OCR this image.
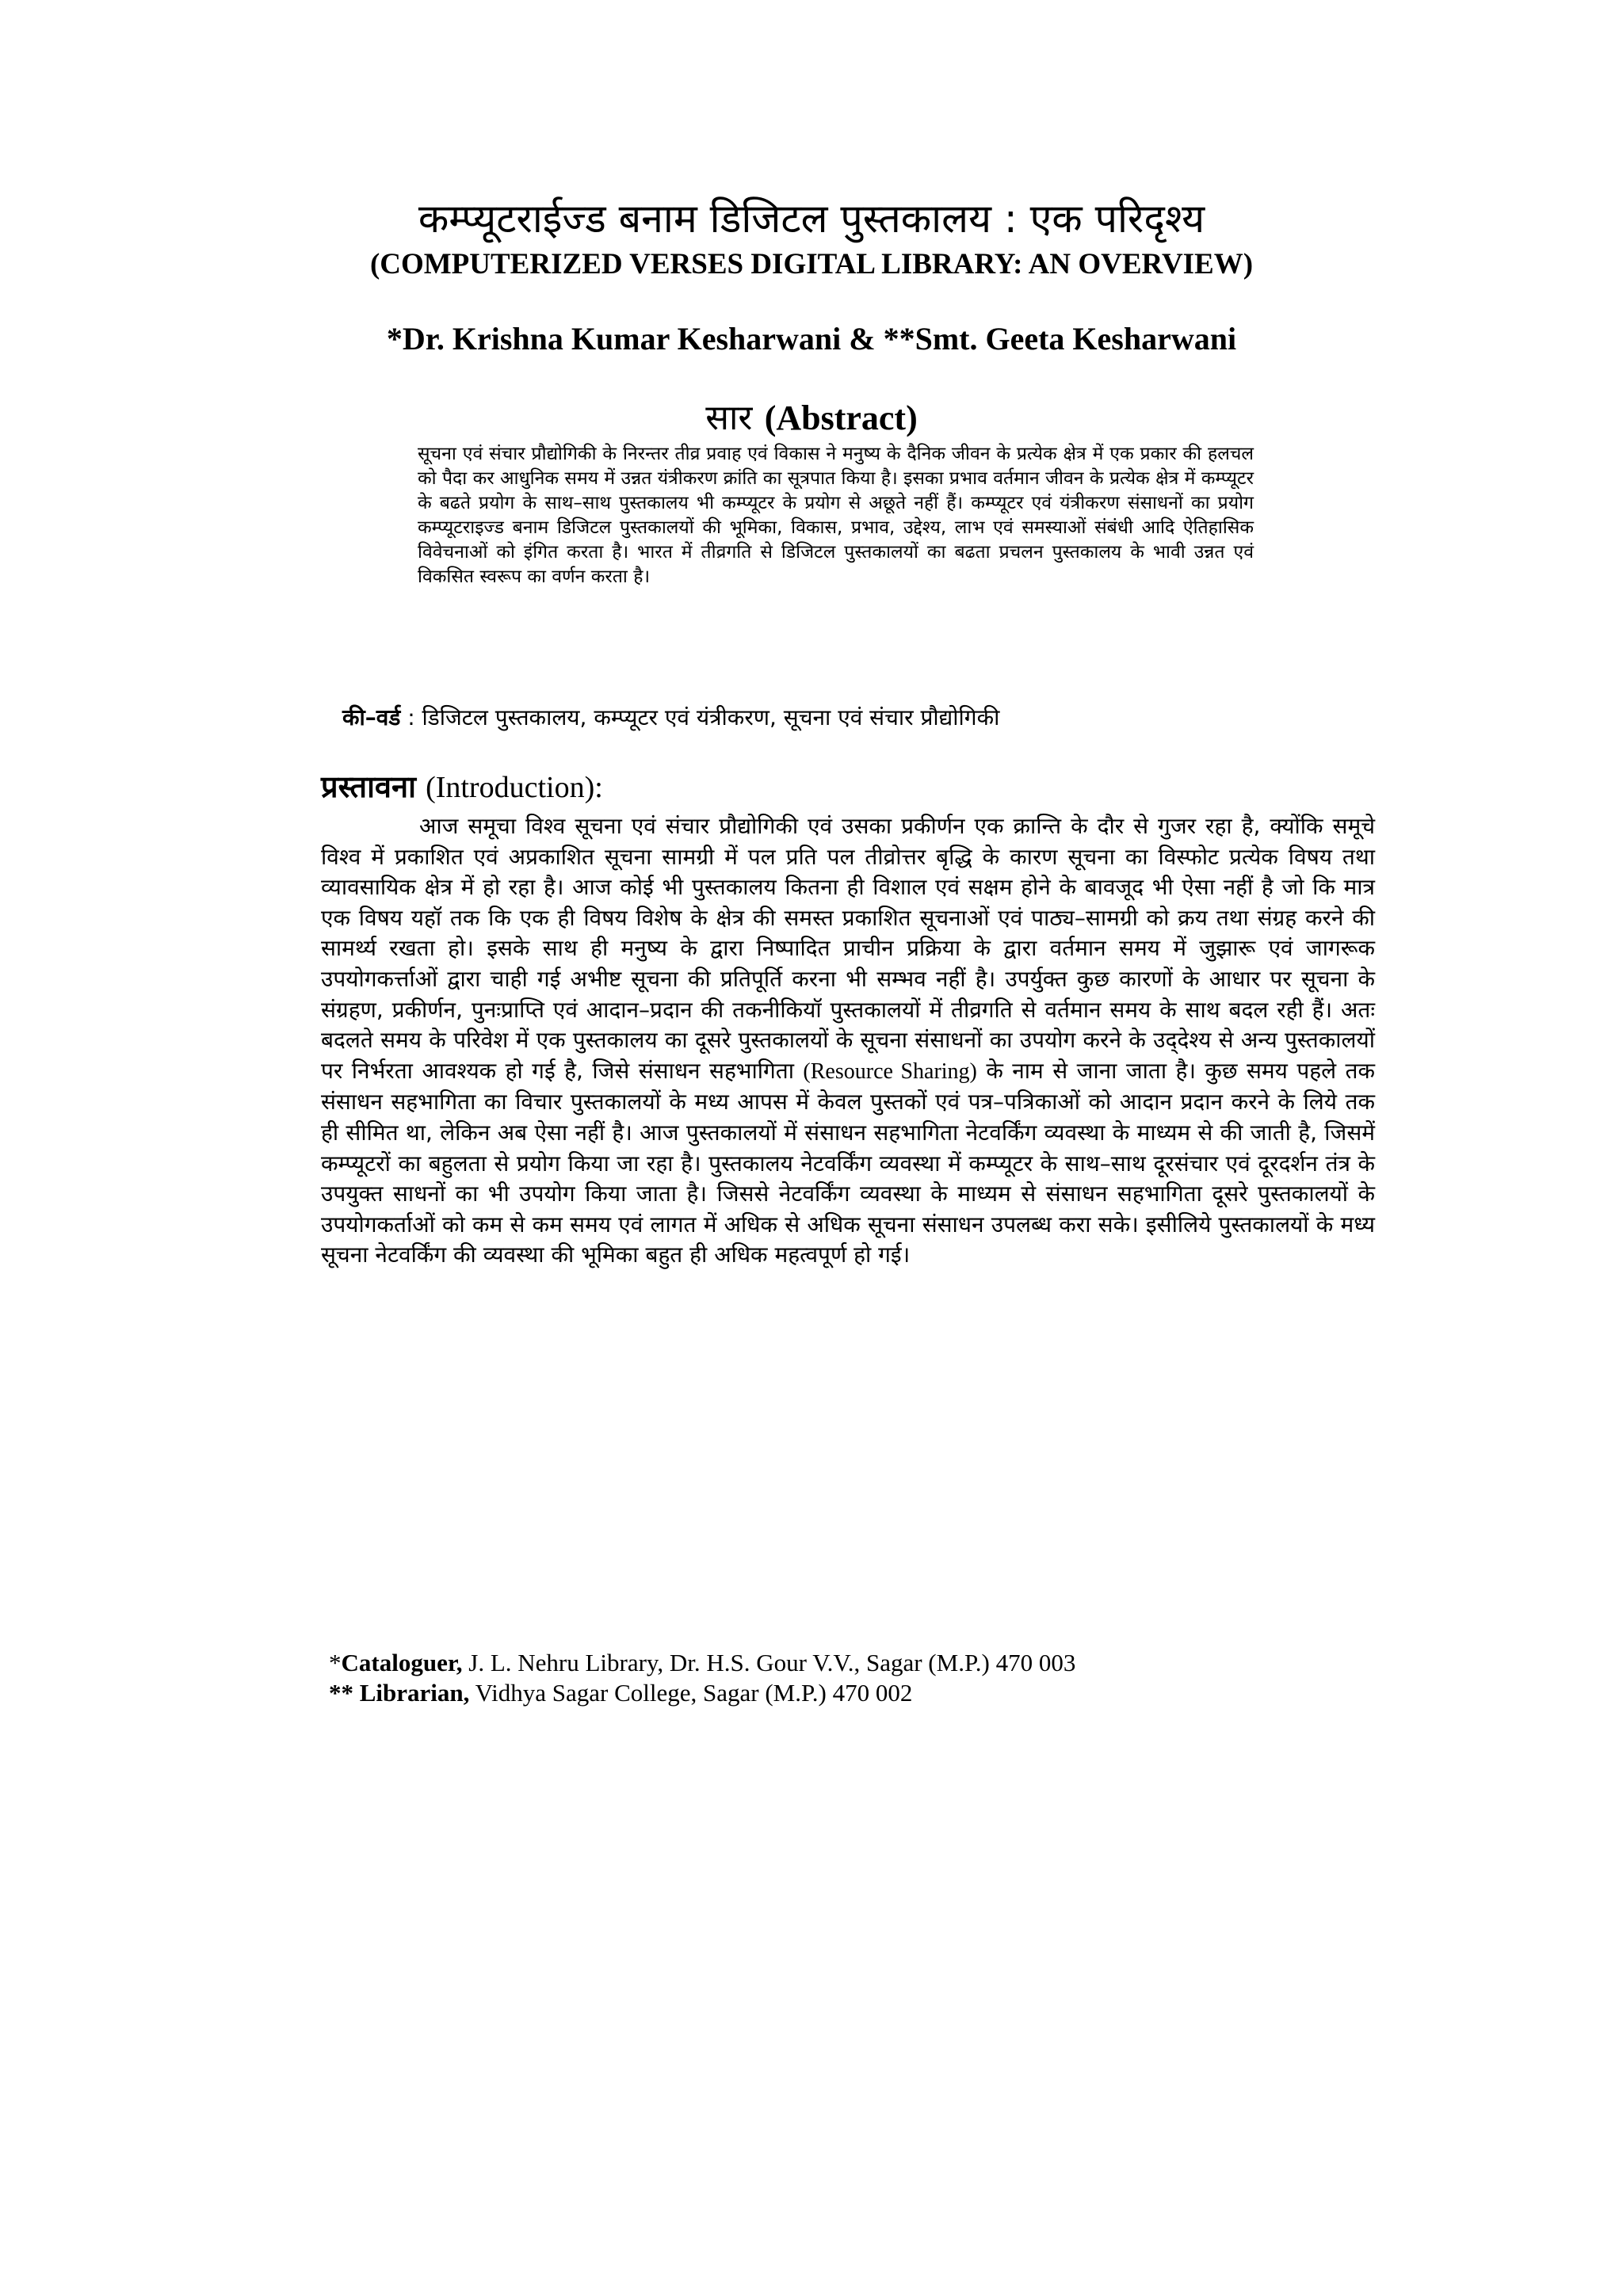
कम्प्यूटराईज्ड बनाम डिजिटल पुस्तकालय : एक परिदृश्य
(COMPUTERIZED VERSES DIGITAL LIBRARY: AN OVERVIEW)
*Dr. Krishna Kumar Kesharwani & **Smt. Geeta Kesharwani
सार (Abstract)

सूचना एवं संचार प्रौद्योगिकी के निरन्तर तीव्र प्रवाह एवं विकास ने मनुष्य के दैनिक जीवन के प्रत्येक क्षेत्र में एक प्रकार की हलचल को पैदा कर आधुनिक समय में उन्नत यंत्रीकरण क्रांति का सूत्रपात किया है। इसका प्रभाव वर्तमान जीवन के प्रत्येक क्षेत्र में कम्प्यूटर के बढते प्रयोग के साथ–साथ पुस्तकालय भी कम्प्यूटर के प्रयोग से अछूते नहीं हैं। कम्प्यूटर एवं यंत्रीकरण संसाधनों का प्रयोग कम्प्यूटराइज्ड बनाम डिजिटल पुस्तकालयों की भूमिका, विकास, प्रभाव, उद्देश्य, लाभ एवं समस्याओं संबंधी आदि ऐतिहासिक विवेचनाओं को इंगित करता है। भारत में तीव्रगति से डिजिटल पुस्तकालयों का बढता प्रचलन पुस्तकालय के भावी उन्नत एवं विकसित स्वरूप का वर्णन करता है।

की–वर्ड : डिजिटल पुस्तकालय, कम्प्यूटर एवं यंत्रीकरण, सूचना एवं संचार प्रौद्योगिकी
प्रस्तावना (Introduction):

आज समूचा विश्व सूचना एवं संचार प्रौद्योगिकी एवं उसका प्रकीर्णन एक क्रान्ति के दौर से गुजर रहा है, क्योंकि समूचे विश्व में प्रकाशित एवं अप्रकाशित सूचना सामग्री में पल प्रति पल तीव्रोत्तर बृद्धि के कारण सूचना का विस्फोट प्रत्येक विषय तथा व्यावसायिक क्षेत्र में हो रहा है। आज कोई भी पुस्तकालय कितना ही विशाल एवं सक्षम होने के बावजूद भी ऐसा नहीं है जो कि मात्र एक विषय यहॉ तक कि एक ही विषय विशेष के क्षेत्र की समस्त प्रकाशित सूचनाओं एवं पाठ्य–सामग्री को क्रय तथा संग्रह करने की सामर्थ्य रखता हो। इसके साथ ही मनुष्य के द्वारा निष्पादित प्राचीन प्रक्रिया के द्वारा वर्तमान समय में जुझारू एवं जागरूक उपयोगकर्त्ताओं द्वारा चाही गई अभीष्ट सूचना की प्रतिपूर्ति करना भी सम्भव नहीं है। उपर्युक्त कुछ कारणों के आधार पर सूचना के संग्रहण, प्रकीर्णन, पुनःप्राप्ति एवं आदान–प्रदान की तकनीकियॉ पुस्तकालयों में तीव्रगति से वर्तमान समय के साथ बदल रही हैं। अतः बदलते समय के परिवेश में एक पुस्तकालय का दूसरे पुस्तकालयों के सूचना संसाधनों का उपयोग करने के उद्‌देश्य से अन्य पुस्तकालयों पर निर्भरता आवश्यक हो गई है, जिसे संसाधन सहभागिता (Resource Sharing) के नाम से जाना जाता है। कुछ समय पहले तक संसाधन सहभागिता का विचार पुस्तकालयों के मध्य आपस में केवल पुस्तकों एवं पत्र–पत्रिकाओं को आदान प्रदान करने के लिये तक ही सीमित था, लेकिन अब ऐसा नहीं है। आज पुस्तकालयों में संसाधन सहभागिता नेटवर्किंग व्यवस्था के माध्यम से की जाती है, जिसमें कम्प्यूटरों का बहुलता से प्रयोग किया जा रहा है। पुस्तकालय नेटवर्किंग व्यवस्था में कम्प्यूटर के साथ–साथ दूरसंचार एवं दूरदर्शन तंत्र के उपयुक्त साधनों का भी उपयोग किया जाता है। जिससे नेटवर्किंग व्यवस्था के माध्यम से संसाधन सहभागिता दूसरे पुस्तकालयों के उपयोगकर्ताओं को कम से कम समय एवं लागत में अधिक से अधिक सूचना संसाधन उपलब्ध करा सके। इसीलिये पुस्तकालयों के मध्य सूचना नेटवर्किंग की व्यवस्था की भूमिका बहुत ही अधिक महत्वपूर्ण हो गई।

*Cataloguer, J. L. Nehru Library, Dr. H.S. Gour V.V., Sagar (M.P.) 470 003
** Librarian, Vidhya Sagar College, Sagar (M.P.) 470 002
